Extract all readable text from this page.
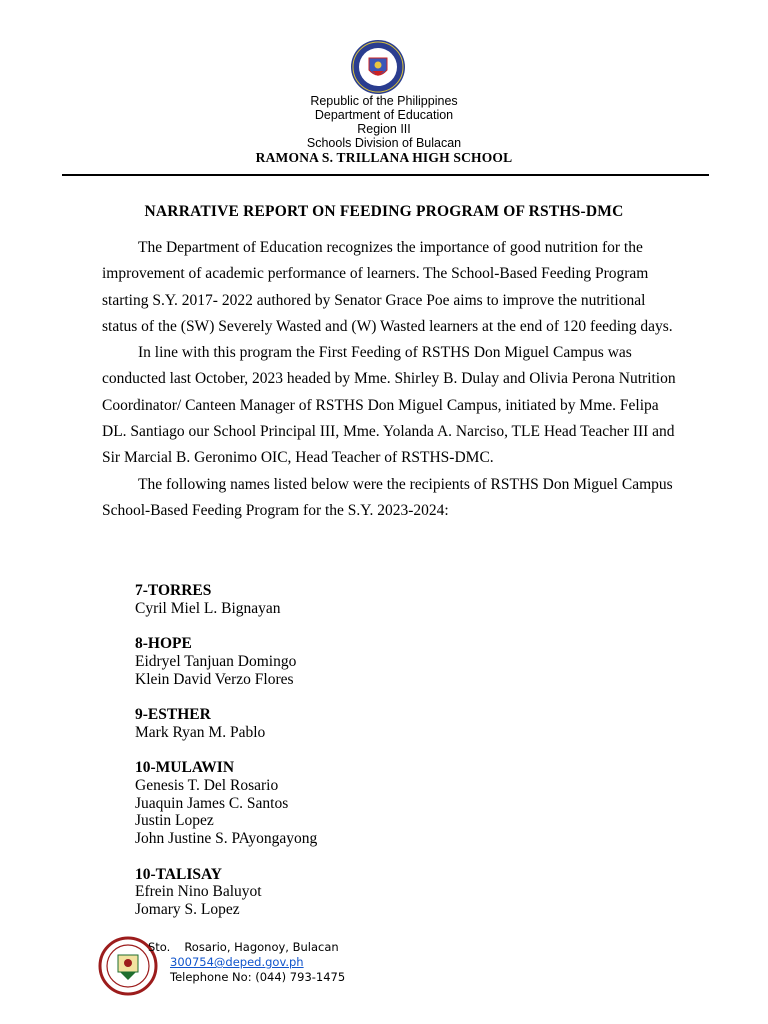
Republic of the Philippines
Department of Education
Region III
Schools Division of Bulacan
RAMONA S. TRILLANA HIGH SCHOOL
NARRATIVE REPORT ON FEEDING PROGRAM OF RSTHS-DMC

The Department of Education recognizes the importance of good nutrition for the improvement of academic performance of learners. The School-Based Feeding Program starting S.Y. 2017- 2022 authored by Senator Grace Poe aims to improve the nutritional status of the (SW) Severely Wasted and (W) Wasted learners at the end of 120 feeding days.

In line with this program the First Feeding of RSTHS Don Miguel Campus was conducted last October, 2023 headed by Mme. Shirley B. Dulay and Olivia Perona Nutrition Coordinator/ Canteen Manager of RSTHS Don Miguel Campus, initiated by Mme. Felipa DL. Santiago our School Principal III, Mme. Yolanda A. Narciso, TLE Head Teacher III and Sir Marcial B. Geronimo OIC, Head Teacher of RSTHS-DMC.

The following names listed below were the recipients of RSTHS Don Miguel Campus School-Based Feeding Program for the S.Y. 2023-2024:

7-TORRES
Cyril Miel L. Bignayan
8-HOPE
Eidryel Tanjuan Domingo
Klein David Verzo Flores
9-ESTHER
Mark Ryan M. Pablo
10-MULAWIN
Genesis T. Del Rosario
Juaquin James C. Santos
Justin Lopez
John Justine S. PAyongayong
10-TALISAY
Efrein Nino Baluyot
Jomary S. Lopez
Sto. Rosario, Hagonoy, Bulacan
300754@deped.gov.ph
Telephone No: (044) 793-1475
